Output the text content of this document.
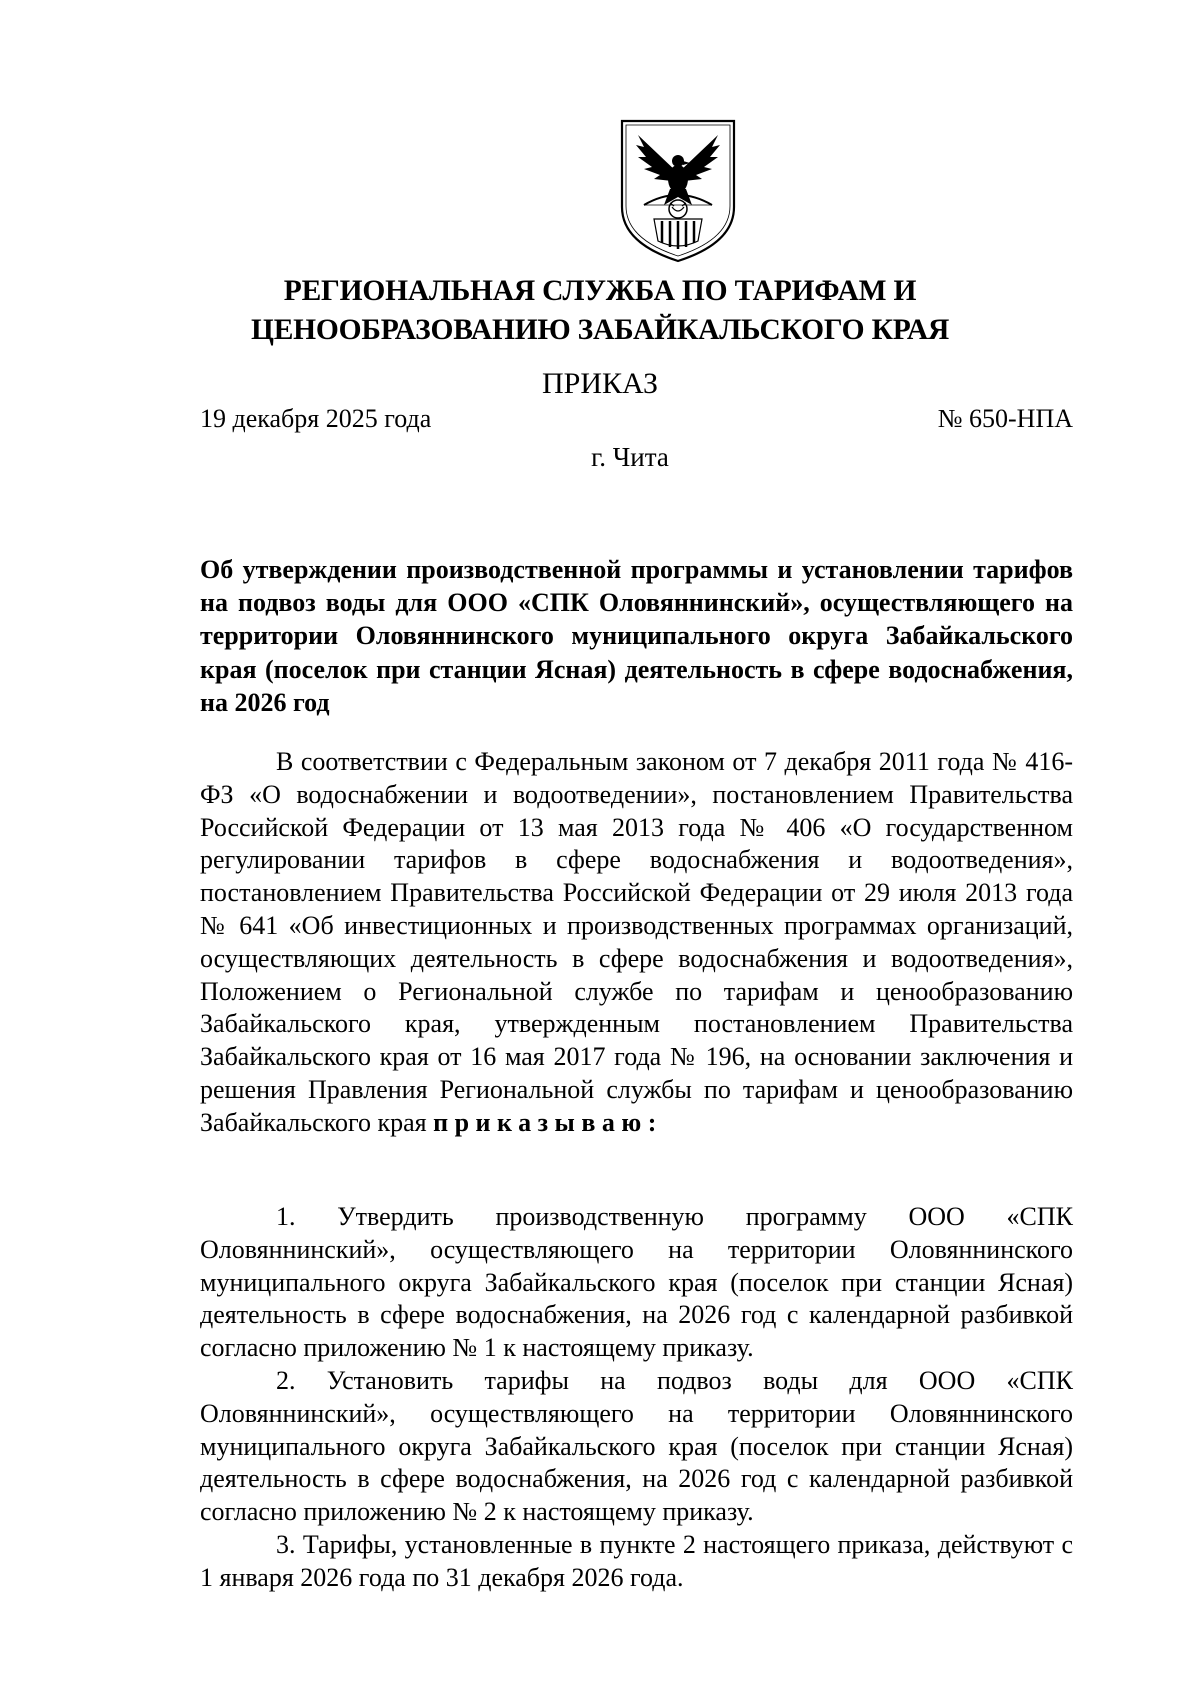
РЕГИОНАЛЬНАЯ СЛУЖБА ПО ТАРИФАМ И
ЦЕНООБРАЗОВАНИЮ ЗАБАЙКАЛЬСКОГО КРАЯ
ПРИКАЗ
19 декабря 2025 года	№ 650-НПА
г. Чита

Об утверждении производственной программы и установлении тарифов на подвоз воды для ООО «СПК Оловяннинский», осуществляющего на территории Оловяннинского муниципального округа Забайкальского края (поселок при станции Ясная) деятельность в сфере водоснабжения, на 2026 год

В соответствии с Федеральным законом от 7 декабря 2011 года № 416-ФЗ «О водоснабжении и водоотведении», постановлением Правительства Российской Федерации от 13 мая 2013 года № 406 «О государственном регулировании тарифов в сфере водоснабжения и водоотведения», постановлением Правительства Российской Федерации от 29 июля 2013 года № 641 «Об инвестиционных и производственных программах организаций, осуществляющих деятельность в сфере водоснабжения и водоотведения», Положением о Региональной службе по тарифам и ценообразованию Забайкальского края, утвержденным постановлением Правительства Забайкальского края от 16 мая 2017 года № 196, на основании заключения и решения Правления Региональной службы по тарифам и ценообразованию Забайкальского края приказываю:

1. Утвердить производственную программу ООО «СПК Оловяннинский», осуществляющего на территории Оловяннинского муниципального округа Забайкальского края (поселок при станции Ясная) деятельность в сфере водоснабжения, на 2026 год с календарной разбивкой согласно приложению № 1 к настоящему приказу.

2. Установить тарифы на подвоз воды для ООО «СПК Оловяннинский», осуществляющего на территории Оловяннинского муниципального округа Забайкальского края (поселок при станции Ясная) деятельность в сфере водоснабжения, на 2026 год с календарной разбивкой согласно приложению № 2 к настоящему приказу.

3. Тарифы, установленные в пункте 2 настоящего приказа, действуют с 1 января 2026 года по 31 декабря 2026 года.
